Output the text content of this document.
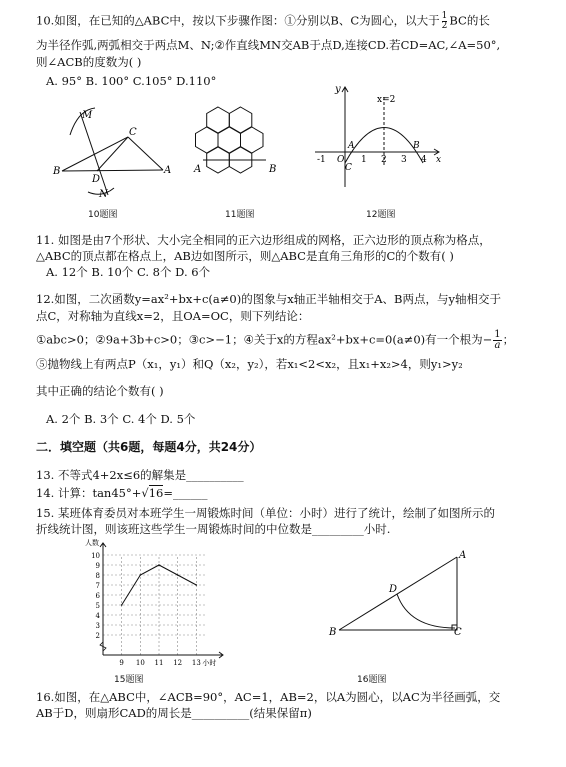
10.如图，在已知的△ABC中，按以下步骤作图：①分别以B、C为圆心，以大于 $\frac{1}{2}$ BC的长
为半径作弧,两弧相交于两点M、N;②作直线MN交AB于点D,连接CD.若CD=AC,∠A=50°,
则∠ACB的度数为( )
A. 95° B. 100° C.105° D.110°
M
C
B
D
A
N
10题图
A	B
11题图
y
x=2
A	B
-1 O
C
1 2 3 4 x
12题图
11. 如图是由7个形状、大小完全相同的正六边形组成的网格，正六边形的顶点称为格点，
△ABC的顶点都在格点上，AB边如图所示，则△ABC是直角三角形的C的个数有( )
A. 12个 B. 10个 C. 8个 D. 6个
12.如图，二次函数y=ax²+bx+c(a≠0)的图象与x轴正半轴相交于A、B两点，与y轴相交于
点C，对称轴为直线x=2，且OA=OC，则下列结论：
①abc>0；②9a+3b+c>0；③c>−1；④关于x的方程ax²+bx+c=0(a≠0)有一个根为− $\frac{1}{a}$ ；
⑤抛物线上有两点P（x₁，y₁）和Q（x₂，y₂），若x₁<2<x₂，且x₁+x₂>4，则y₁>y₂
其中正确的结论个数有( )
A. 2个 B. 3个 C. 4个 D. 5个
二．填空题（共6题，每题4分，共24分）
13. 不等式4+2x≤6的解集是__________
14. 计算：tan45°+√16=______
15. 某班体育委员对本班学生一周锻炼时间（单位：小时）进行了统计，绘制了如图所示的
折线统计图，则该班这些学生一周锻炼时间的中位数是_________小时.
2
3
4
5
6
7
8
9
10
9 10 11 12 13
人数
小时
15题图
A
D
B	C
16题图
16.如图，在△ABC中，∠ACB=90°，AC=1，AB=2，以A为圆心，以AC为半径画弧，交
AB于D，则扇形CAD的周长是__________(结果保留π)
